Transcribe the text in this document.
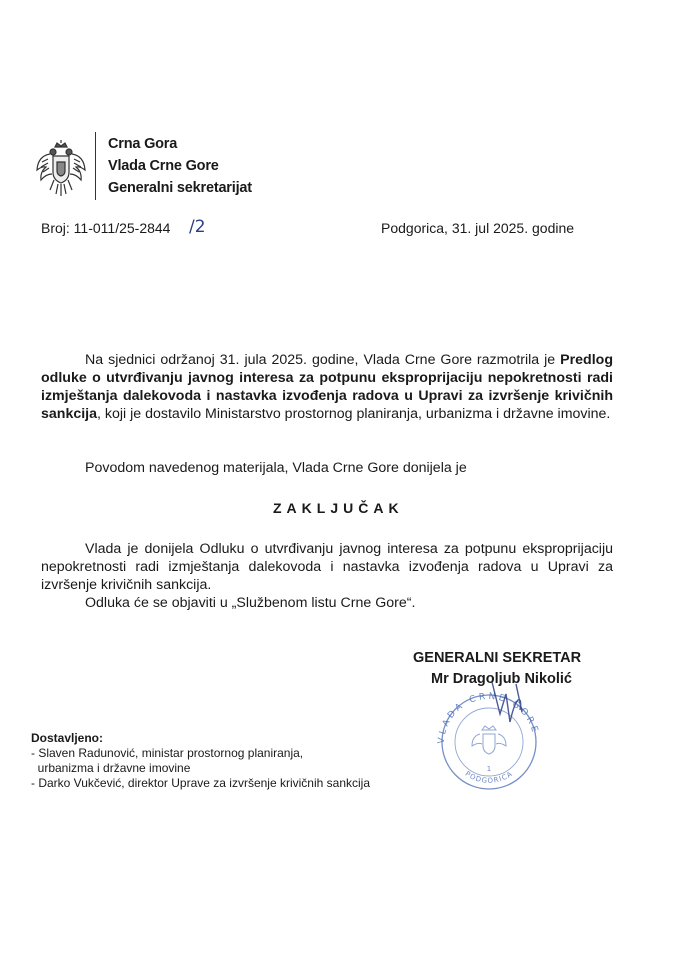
Crna Gora
Vlada Crne Gore
Generalni sekretarijat
Broj: 11-011/25-2844 /2	Podgorica, 31. jul 2025. godine
Na sjednici održanoj 31. jula 2025. godine, Vlada Crne Gore razmotrila je Predlog odluke o utvrđivanju javnog interesa za potpunu eksproprijaciju nepokretnosti radi izmještanja dalekovoda i nastavka izvođenja radova u Upravi za izvršenje krivičnih sankcija, koji je dostavilo Ministarstvo prostornog planiranja, urbanizma i državne imovine.
Povodom navedenog materijala, Vlada Crne Gore donijela je
ZAKLJUČAK
Vlada je donijela Odluku o utvrđivanju javnog interesa za potpunu eksproprijaciju nepokretnosti radi izmještanja dalekovoda i nastavka izvođenja radova u Upravi za izvršenje krivičnih sankcija.
Odluka će se objaviti u „Službenom listu Crne Gore“.
GENERALNI SEKRETAR
Mr Dragoljub Nikolić
VLADA CRNE GORE
PODGORICA
1
Dostavljeno:
- Slaven Radunović, ministar prostornog planiranja,
urbanizma i državne imovine
- Darko Vukčević, direktor Uprave za izvršenje krivičnih sankcija
